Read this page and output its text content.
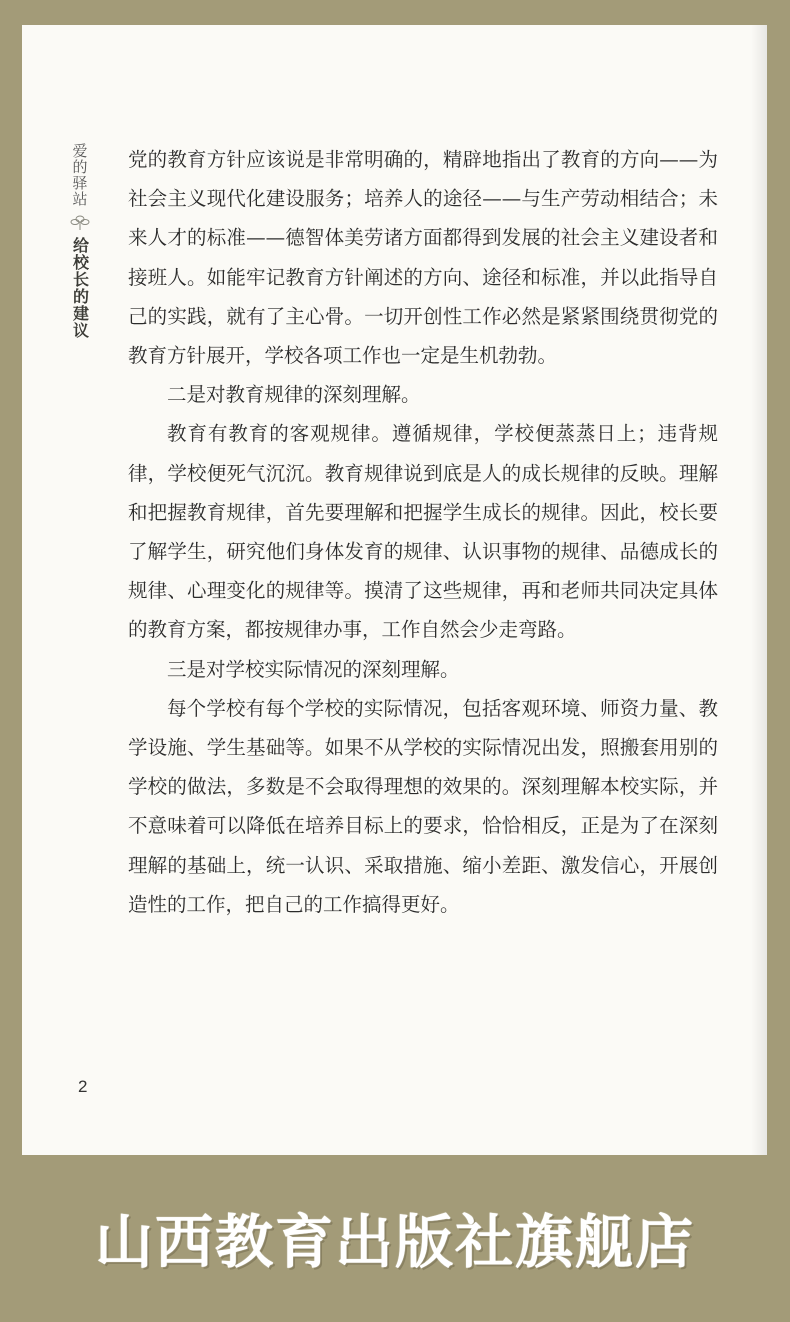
爱的驿站
给校长的建议

党的教育方针应该说是非常明确的，精辟地指出了教育的方向——为社会主义现代化建设服务；培养人的途径——与生产劳动相结合；未来人才的标准——德智体美劳诸方面都得到发展的社会主义建设者和接班人。如能牢记教育方针阐述的方向、途径和标准，并以此指导自己的实践，就有了主心骨。一切开创性工作必然是紧紧围绕贯彻党的教育方针展开，学校各项工作也一定是生机勃勃。

二是对教育规律的深刻理解。

教育有教育的客观规律。遵循规律，学校便蒸蒸日上；违背规律，学校便死气沉沉。教育规律说到底是人的成长规律的反映。理解和把握教育规律，首先要理解和把握学生成长的规律。因此，校长要了解学生，研究他们身体发育的规律、认识事物的规律、品德成长的规律、心理变化的规律等。摸清了这些规律，再和老师共同决定具体的教育方案，都按规律办事，工作自然会少走弯路。

三是对学校实际情况的深刻理解。

每个学校有每个学校的实际情况，包括客观环境、师资力量、教学设施、学生基础等。如果不从学校的实际情况出发，照搬套用别的学校的做法，多数是不会取得理想的效果的。深刻理解本校实际，并不意味着可以降低在培养目标上的要求，恰恰相反，正是为了在深刻理解的基础上，统一认识、采取措施、缩小差距、激发信心，开展创造性的工作，把自己的工作搞得更好。

2
山西教育出版社旗舰店
